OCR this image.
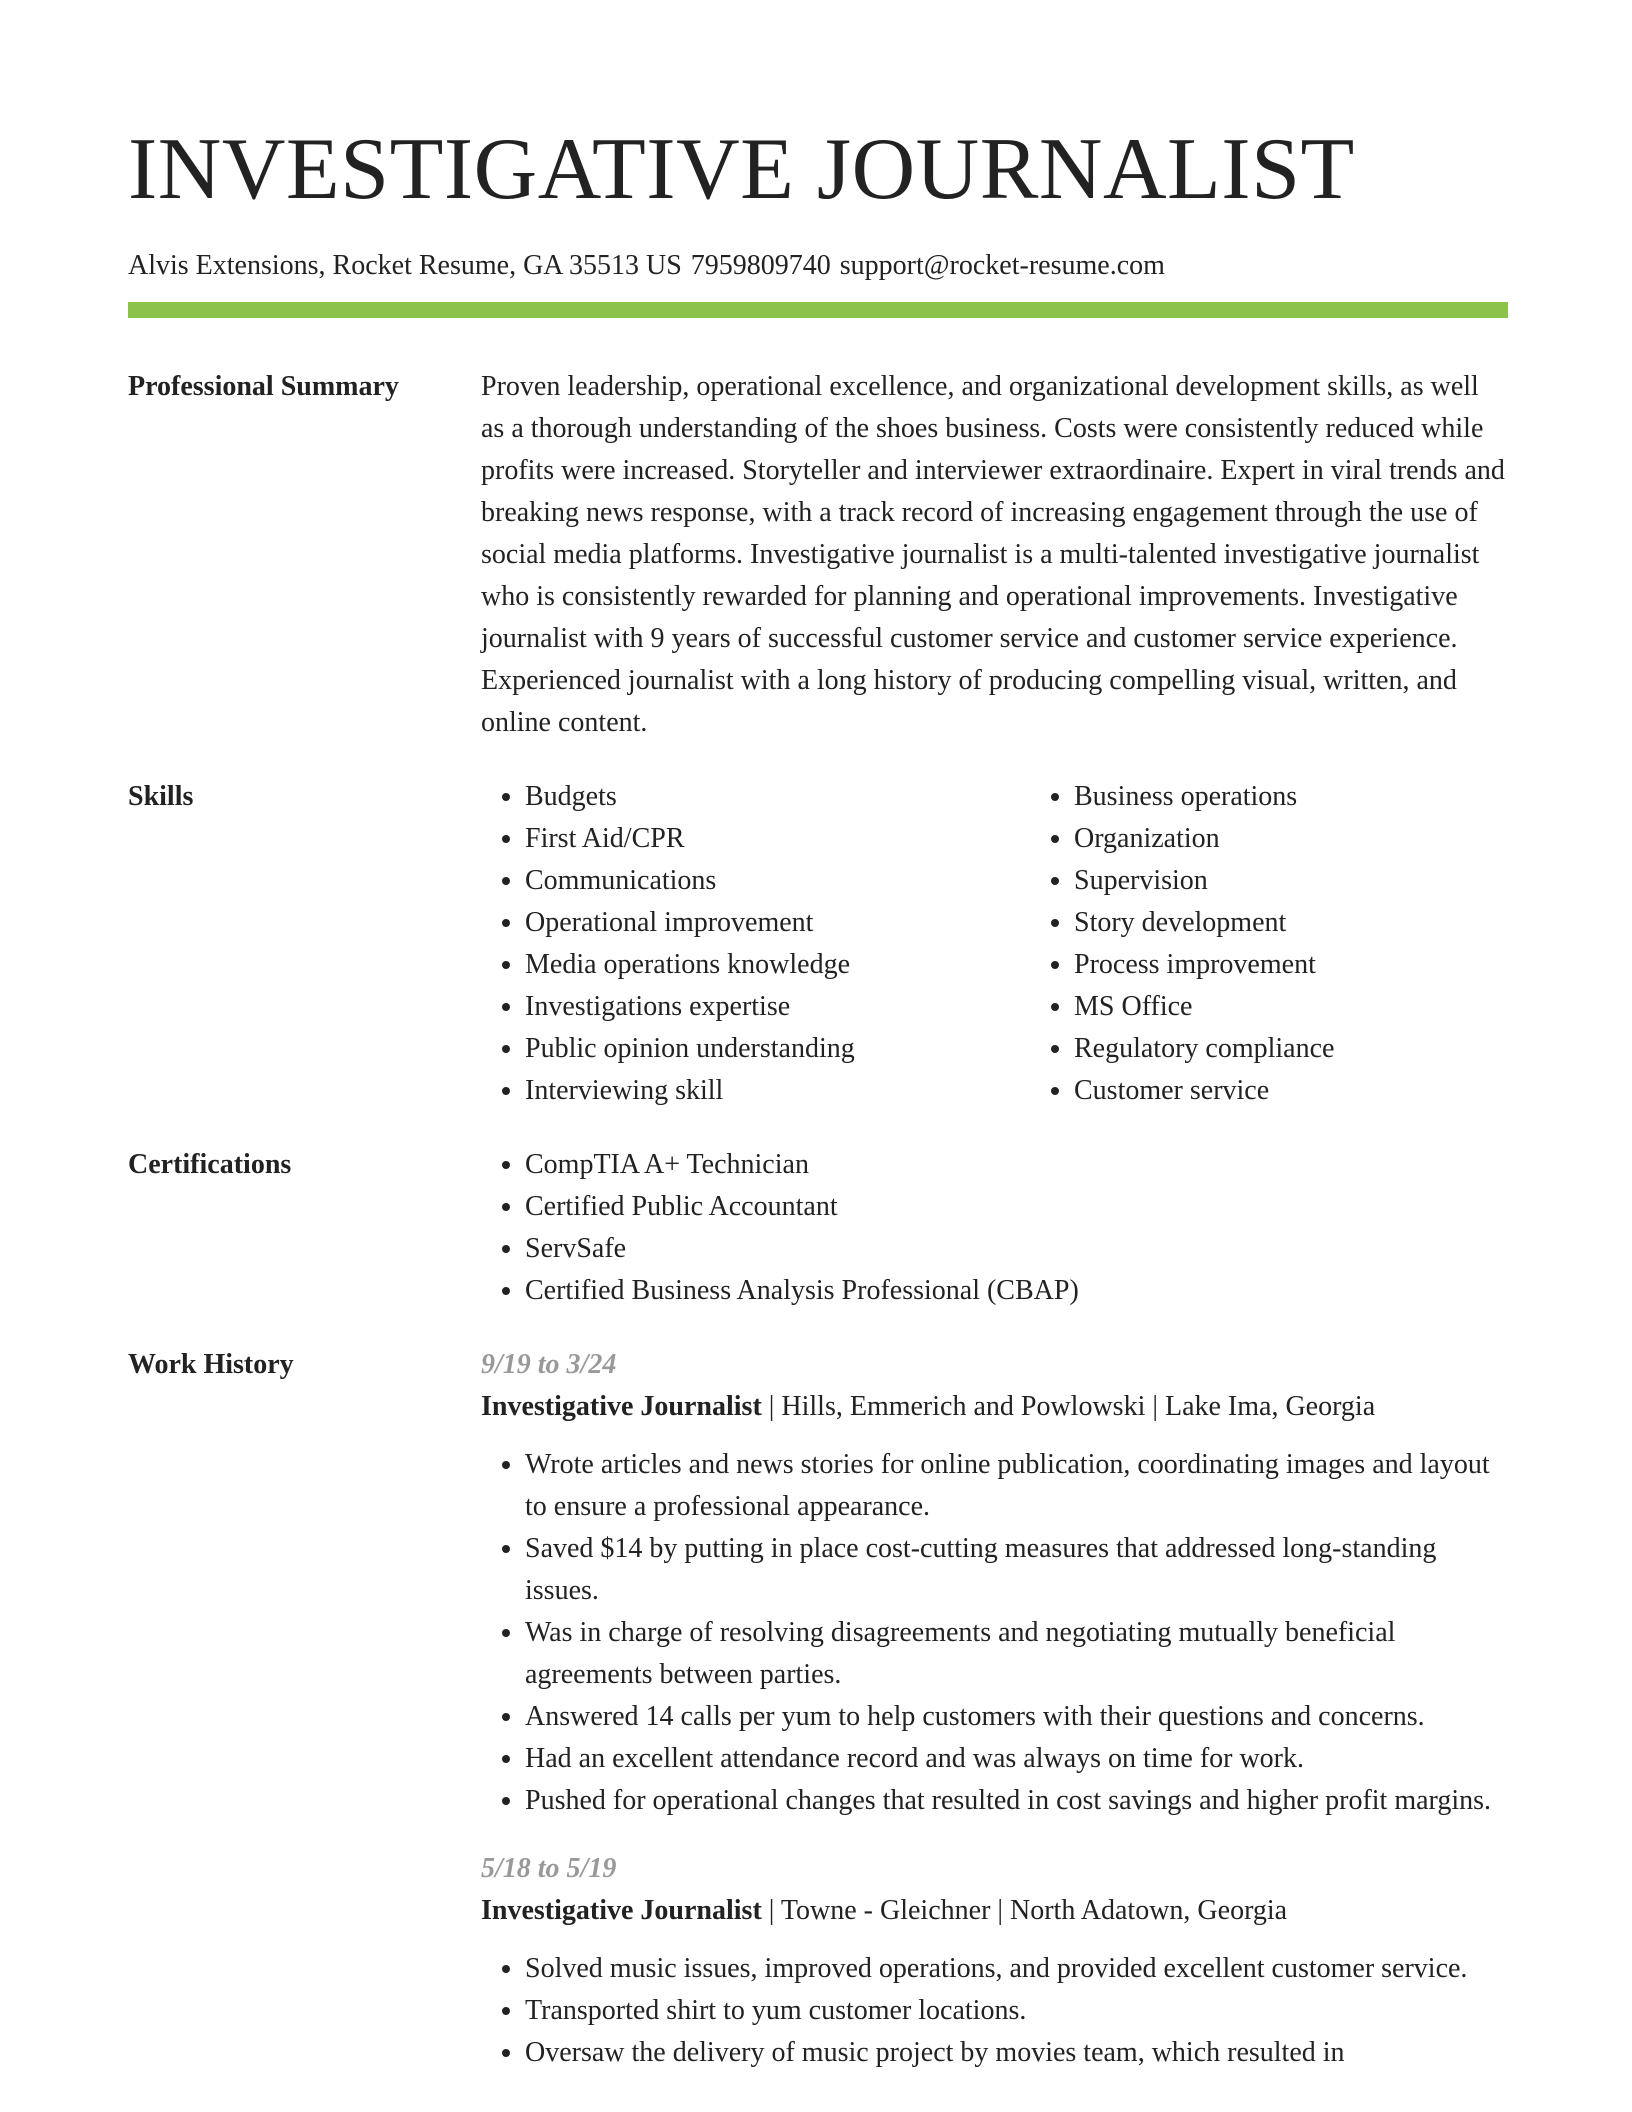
INVESTIGATIVE JOURNALIST
Alvis Extensions, Rocket Resume, GA 35513 US 7959809740 support@rocket-resume.com
Professional Summary	Proven leadership, operational excellence, and organizational development skills, as well as a thorough understanding of the shoes business. Costs were consistently reduced while profits were increased. Storyteller and interviewer extraordinaire. Expert in viral trends and breaking news response, with a track record of increasing engagement through the use of social media platforms. Investigative journalist is a multi-talented investigative journalist who is consistently rewarded for planning and operational improvements. Investigative journalist with 9 years of successful customer service and customer service experience. Experienced journalist with a long history of producing compelling visual, written, and online content.

Skills	• Budgets
• First Aid/CPR
• Communications
• Operational improvement
• Media operations knowledge
• Investigations expertise
• Public opinion understanding
• Interviewing skill
• Business operations
• Organization
• Supervision
• Story development
• Process improvement
• MS Office
• Regulatory compliance
• Customer service
Certifications	• CompTIA A+ Technician
• Certified Public Accountant
• ServSafe
• Certified Business Analysis Professional (CBAP)
Work History	9/19 to 3/24
Investigative Journalist | Hills, Emmerich and Powlowski | Lake Ima, Georgia
• Wrote articles and news stories for online publication, coordinating images and layout to ensure a professional appearance.
• Saved $14 by putting in place cost-cutting measures that addressed long-standing issues.
• Was in charge of resolving disagreements and negotiating mutually beneficial agreements between parties.
• Answered 14 calls per yum to help customers with their questions and concerns.
• Had an excellent attendance record and was always on time for work.
• Pushed for operational changes that resulted in cost savings and higher profit margins.
5/18 to 5/19
Investigative Journalist | Towne - Gleichner | North Adatown, Georgia
• Solved music issues, improved operations, and provided excellent customer service.
• Transported shirt to yum customer locations.
• Oversaw the delivery of music project by movies team, which resulted in
